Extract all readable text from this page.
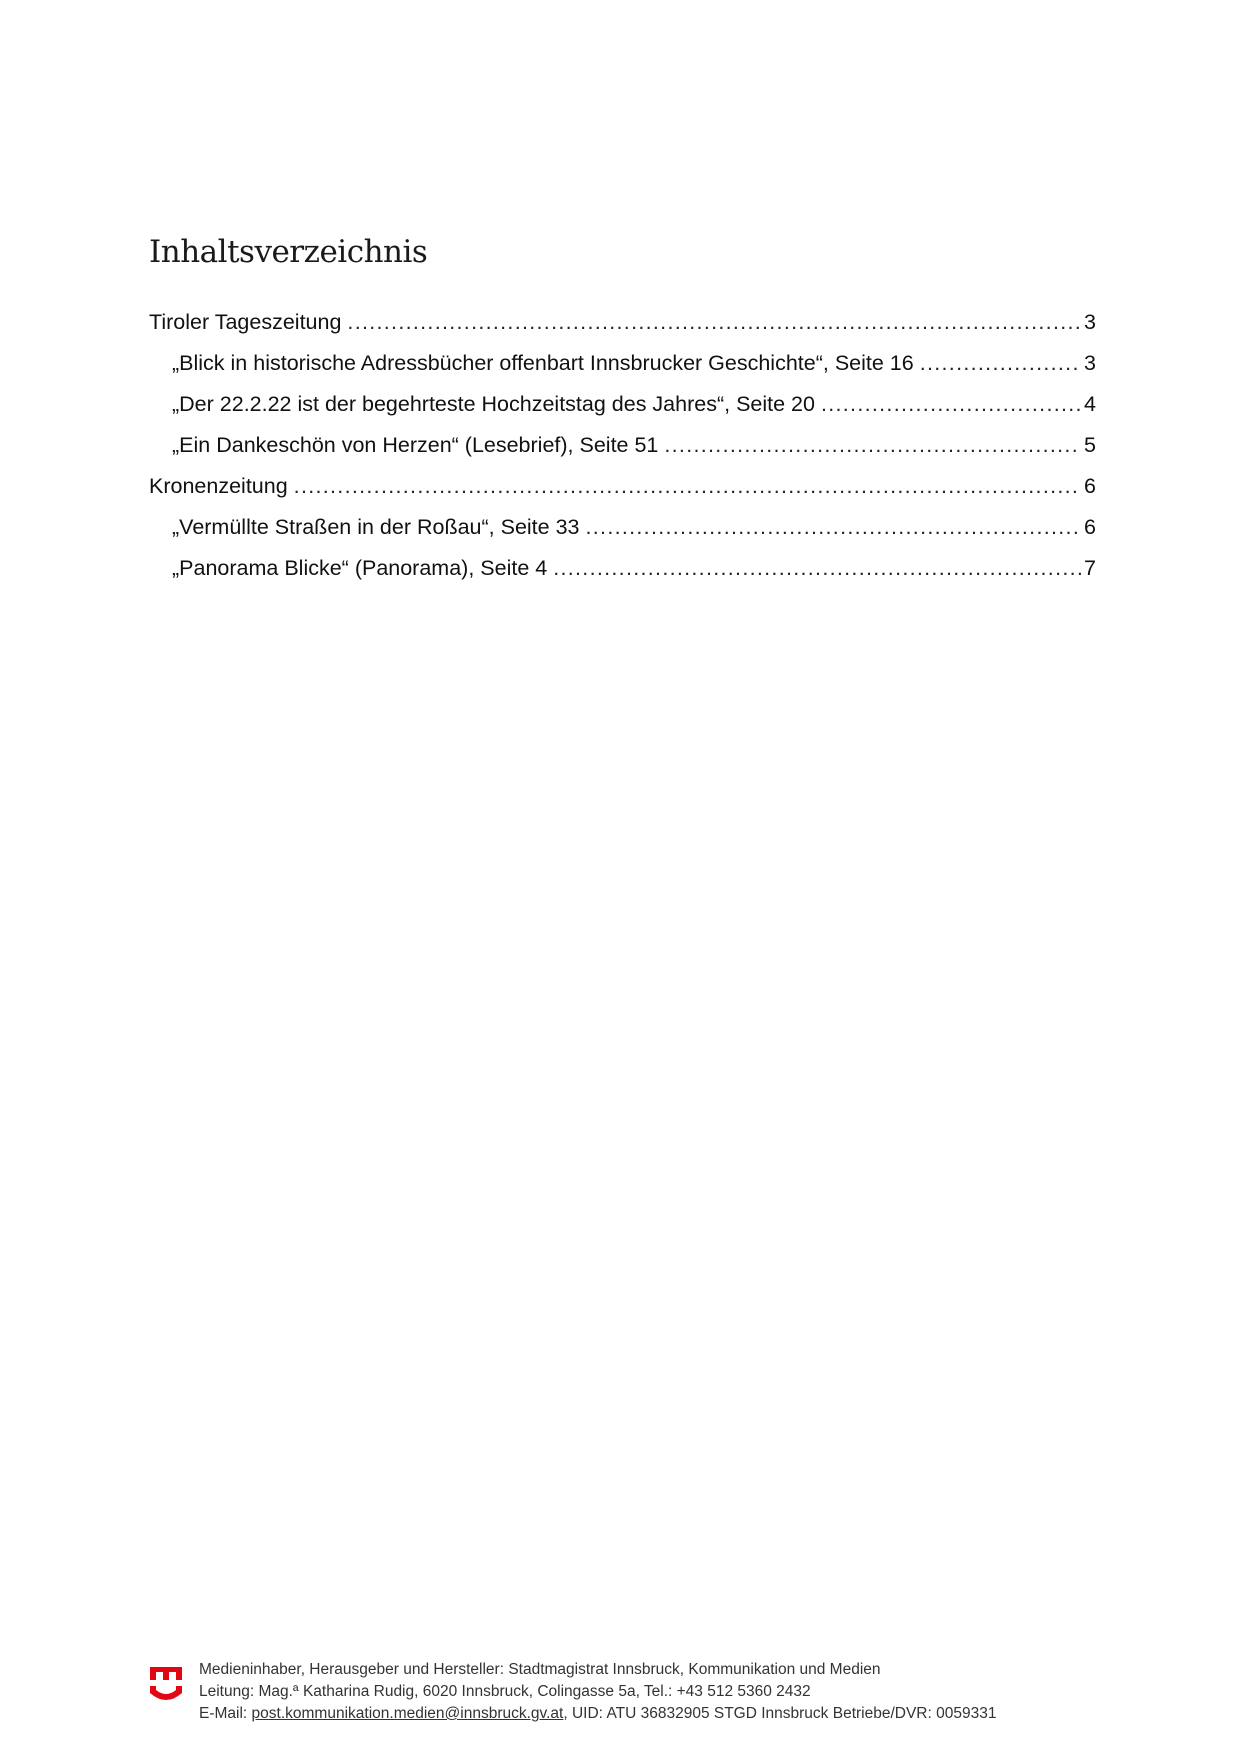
Inhaltsverzeichnis
Tiroler Tageszeitung .....	3
„Blick in historische Adressbücher offenbart Innsbrucker Geschichte“, Seite 16 .....	3
„Der 22.2.22 ist der begehrteste Hochzeitstag des Jahres“, Seite 20 .....	4
„Ein Dankeschön von Herzen“ (Lesebrief), Seite 51 .....	5
Kronenzeitung .....	6
„Vermüllte Straßen in der Roßau“, Seite 33 .....	6
„Panorama Blicke“ (Panorama), Seite 4 .....	7
Medieninhaber, Herausgeber und Hersteller: Stadtmagistrat Innsbruck, Kommunikation und Medien
Leitung: Mag.ª Katharina Rudig, 6020 Innsbruck, Colingasse 5a, Tel.: +43 512 5360 2432
E-Mail: post.kommunikation.medien@innsbruck.gv.at, UID: ATU 36832905 STGD Innsbruck Betriebe/DVR: 0059331
